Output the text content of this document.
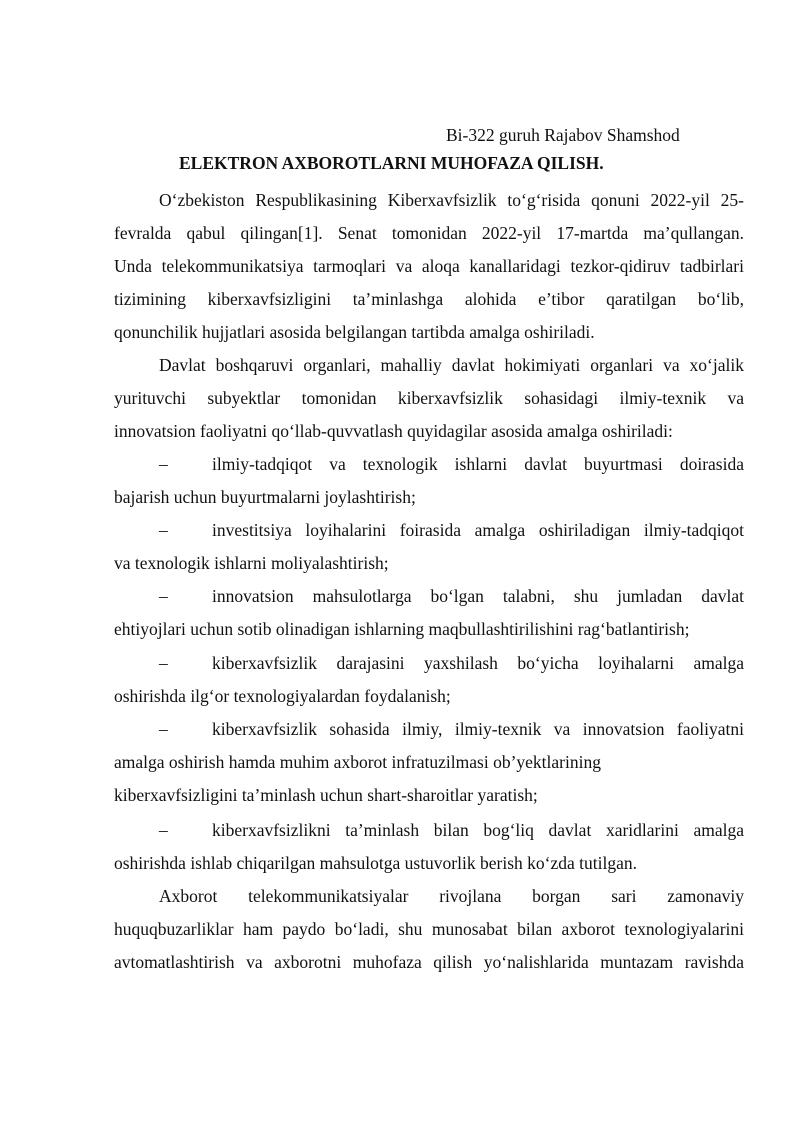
Bi-322 guruh Rajabov Shamshod
ELEKTRON AXBOROTLARNI MUHOFAZA QILISH.
O‘zbekiston Respublikasining Kiberxavfsizlik to‘g‘risida qonuni 2022-yil 25-
fevralda qabul qilingan[1]. Senat tomonidan 2022-yil 17-martda ma’qullangan.
Unda telekommunikatsiya tarmoqlari va aloqa kanallaridagi tezkor-qidiruv tadbirlari
tizimining kiberxavfsizligini ta’minlashga alohida e’tibor qaratilgan bo‘lib,
qonunchilik hujjatlari asosida belgilangan tartibda amalga oshiriladi.
Davlat boshqaruvi organlari, mahalliy davlat hokimiyati organlari va xo‘jalik
yurituvchi subyektlar tomonidan kiberxavfsizlik sohasidagi ilmiy-texnik va
innovatsion faoliyatni qo‘llab-quvvatlash quyidagilar asosida amalga oshiriladi:
–	ilmiy-tadqiqot va texnologik ishlarni davlat buyurtmasi doirasida
bajarish uchun buyurtmalarni joylashtirish;
–	investitsiya loyihalarini foirasida amalga oshiriladigan ilmiy-tadqiqot
va texnologik ishlarni moliyalashtirish;
–	innovatsion mahsulotlarga bo‘lgan talabni, shu jumladan davlat
ehtiyojlari uchun sotib olinadigan ishlarning maqbullashtirilishini rag‘batlantirish;
–	kiberxavfsizlik darajasini yaxshilash bo‘yicha loyihalarni amalga
oshirishda ilg‘or texnologiyalardan foydalanish;
–	kiberxavfsizlik sohasida ilmiy, ilmiy-texnik va innovatsion faoliyatni
amalga oshirish hamda muhim axborot infratuzilmasi ob’yektlarining
kiberxavfsizligini ta’minlash uchun shart-sharoitlar yaratish;
–	kiberxavfsizlikni ta’minlash bilan bog‘liq davlat xaridlarini amalga
oshirishda ishlab chiqarilgan mahsulotga ustuvorlik berish ko‘zda tutilgan.
Axborot telekommunikatsiyalar rivojlana borgan sari zamonaviy
huquqbuzarliklar ham paydo bo‘ladi, shu munosabat bilan axborot texnologiyalarini
avtomatlashtirish va axborotni muhofaza qilish yo‘nalishlarida muntazam ravishda
